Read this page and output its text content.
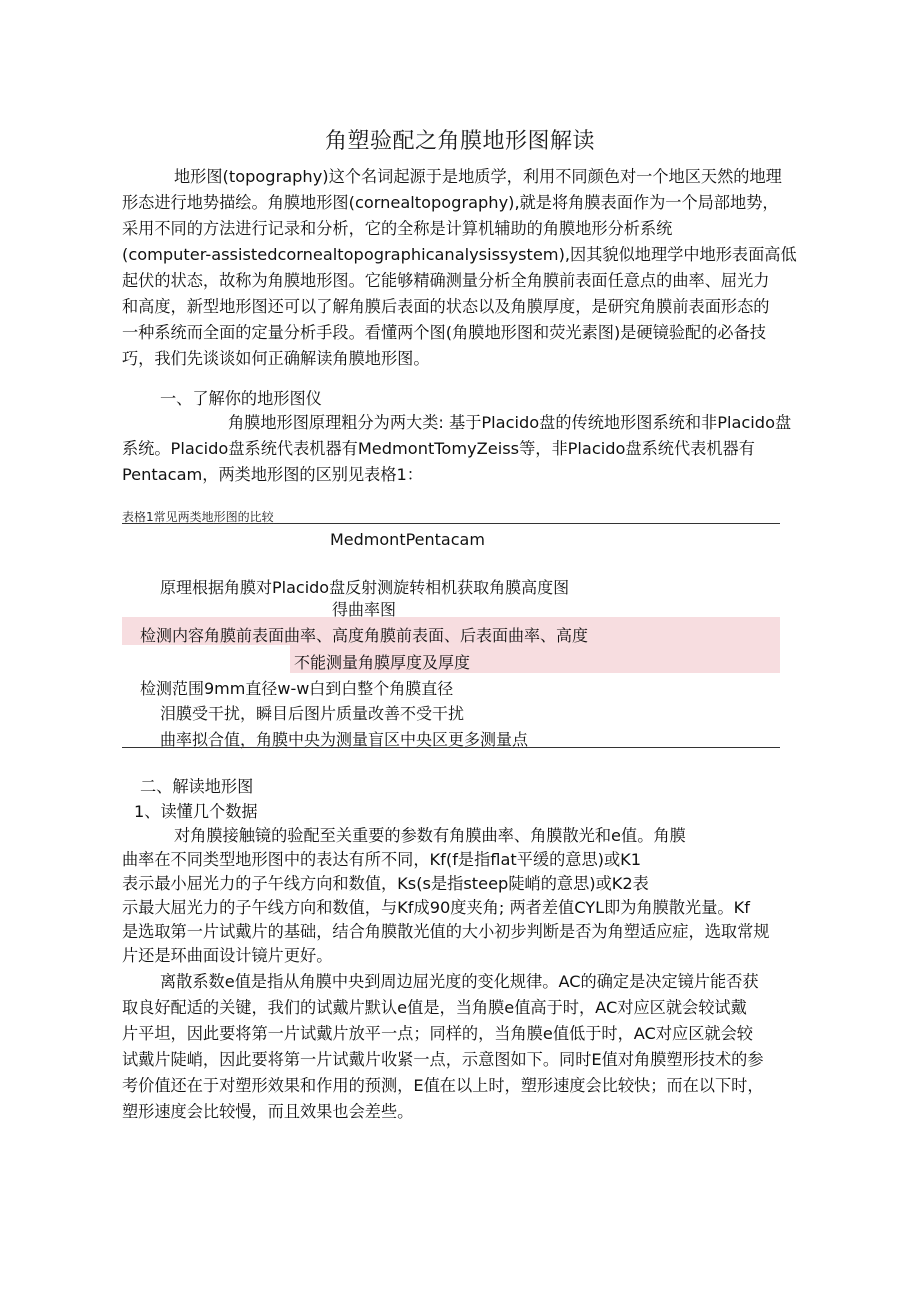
角塑验配之角膜地形图解读
地形图(topography)这个名词起源于是地质学，利用不同颜色对一个地区天然的地理
形态进行地势描绘。角膜地形图(cornealtopography),就是将角膜表面作为一个局部地势，
采用不同的方法进行记录和分析，它的全称是计算机辅助的角膜地形分析系统
(computer-assistedcornealtopographicanalysissystem),因其貌似地理学中地形表面高低
起伏的状态，故称为角膜地形图。它能够精确测量分析全角膜前表面任意点的曲率、屈光力
和高度，新型地形图还可以了解角膜后表面的状态以及角膜厚度，是研究角膜前表面形态的
一种系统而全面的定量分析手段。看懂两个图(角膜地形图和荧光素图)是硬镜验配的必备技
巧，我们先谈谈如何正确解读角膜地形图。
一、了解你的地形图仪
角膜地形图原理粗分为两大类: 基于Placido盘的传统地形图系统和非Placido盘
系统。Placido盘系统代表机器有MedmontTomyZeiss等，非Placido盘系统代表机器有
Pentacam，两类地形图的区别见表格1：
表格1常见两类地形图的比较
MedmontPentacam
原理根据角膜对Placido盘反射测旋转相机获取角膜高度图
得曲率图
检测内容角膜前表面曲率、高度角膜前表面、后表面曲率、高度
不能测量角膜厚度及厚度
检测范围9mm直径w-w白到白整个角膜直径
泪膜受干扰，瞬目后图片质量改善不受干扰
曲率拟合值，角膜中央为测量盲区中央区更多测量点
二、解读地形图
1、读懂几个数据
对角膜接触镜的验配至关重要的参数有角膜曲率、角膜散光和e值。角膜
曲率在不同类型地形图中的表达有所不同，Kf(f是指flat平缓的意思)或K1
表示最小屈光力的子午线方向和数值，Ks(s是指steep陡峭的意思)或K2表
示最大屈光力的子午线方向和数值，与Kf成90度夹角; 两者差值CYL即为角膜散光量。Kf
是选取第一片试戴片的基础，结合角膜散光值的大小初步判断是否为角塑适应症，选取常规
片还是环曲面设计镜片更好。
离散系数e值是指从角膜中央到周边屈光度的变化规律。AC的确定是决定镜片能否获
取良好配适的关键，我们的试戴片默认e值是，当角膜e值高于时，AC对应区就会较试戴
片平坦，因此要将第一片试戴片放平一点；同样的，当角膜e值低于时，AC对应区就会较
试戴片陡峭，因此要将第一片试戴片收紧一点，示意图如下。同时E值对角膜塑形技术的参
考价值还在于对塑形效果和作用的预测，E值在以上时，塑形速度会比较快；而在以下时，
塑形速度会比较慢，而且效果也会差些。
